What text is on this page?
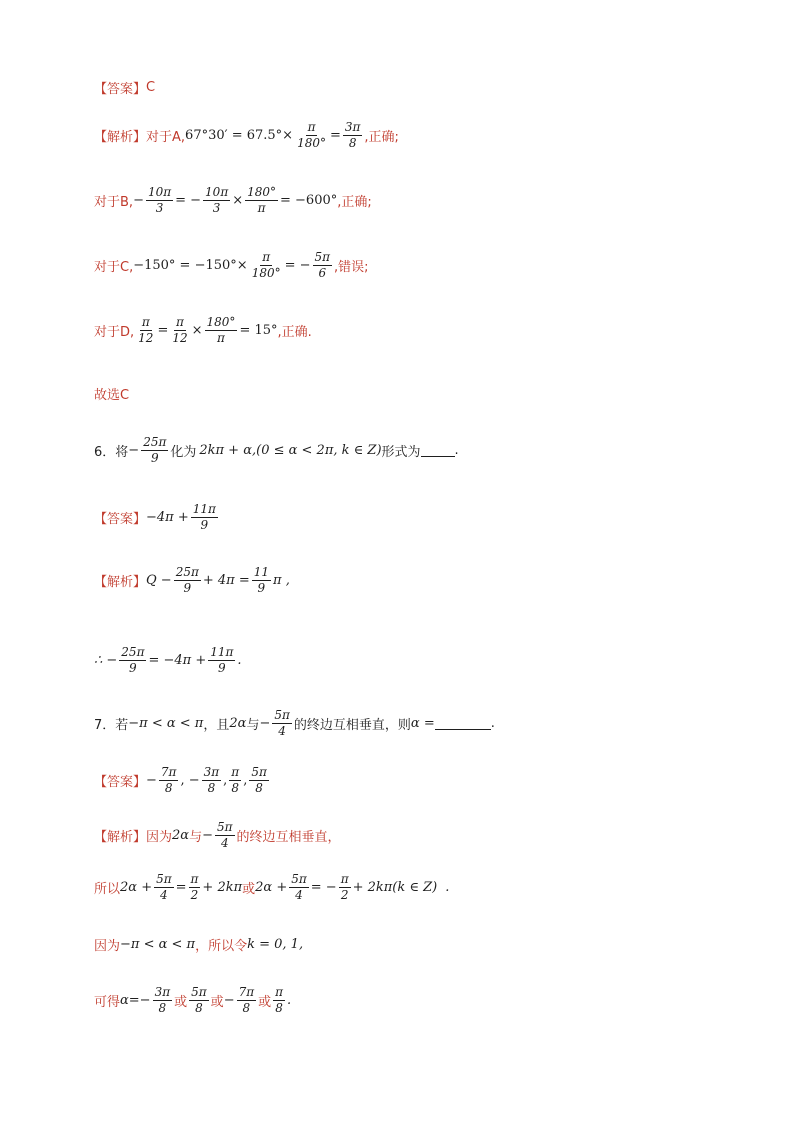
【答案】 C
【解析】 对于A, $67^\circ 30' = 67.5^\circ\times \frac{\pi}{180^\circ} = \frac{3\pi}{8}$ ,正确;
对于B, − $\frac{10\pi}{3}$ = − $\frac{10\pi}{3} \times \frac{180^\circ}{\pi} = -600^\circ$ ,正确;
对于C, $-150^\circ = -150^\circ\times \frac{\pi}{180^\circ}$ = − $\frac{5\pi}{6}$ ,错误;
对于D, $\frac{\pi}{12} = \frac{\pi}{12} \times \frac{180^\circ}{\pi} = 15^\circ$ ,正确.
故选C
6．将 − $\frac{25\pi}{9}$ 化为 2kπ + α, (0 ≤ α < 2π, k ∈ Z) 形式为	.
【答案】 $-4\pi + \frac{11\pi}{9}$
【解析】 $Q - \frac{25\pi}{9} + 4\pi = \frac{11}{9}$ π ,
∴ − $\frac{25\pi}{9} = -4\pi + \frac{11\pi}{9}$ .
7．若 −π < α < π ，且 2α 与 − $\frac{5\pi}{4}$ 的终边互相垂直，则 α =	.
【答案】 − $\frac{7\pi}{8}$ , − $\frac{3\pi}{8}$ , $\frac{\pi}{8}$ , $\frac{5\pi}{8}$
【解析】 因为 2α 与 − $\frac{5\pi}{4}$ 的终边互相垂直，
所以 $2\alpha + \frac{5\pi}{4} = \frac{\pi}{2} + 2k\pi$ 或 $2\alpha + \frac{5\pi}{4}$ = − $\frac{\pi}{2} + 2k\pi(k$ ∈ Z) .
因为 −π < α < π ，所以令 k = 0, 1,
可得 $\alpha=- \frac{3\pi}{8}$ 或 $\frac{5\pi}{8}$ 或 − $\frac{7\pi}{8}$ 或 $\frac{\pi}{8}$ .
